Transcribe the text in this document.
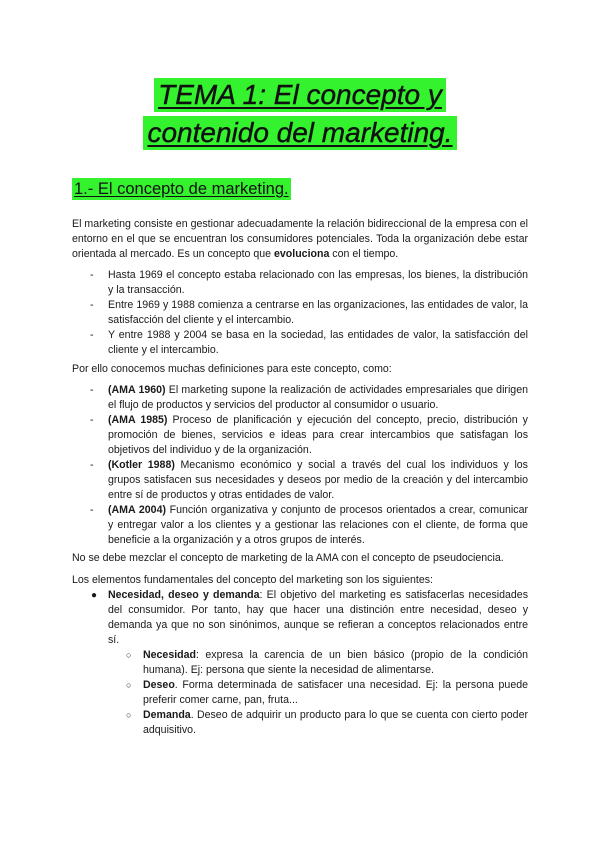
TEMA 1: El concepto y
contenido del marketing.
1.- El concepto de marketing.

El marketing consiste en gestionar adecuadamente la relación bidireccional de la empresa con el entorno en el que se encuentran los consumidores potenciales. Toda la organización debe estar orientada al mercado. Es un concepto que evoluciona con el tiempo.

- Hasta 1969 el concepto estaba relacionado con las empresas, los bienes, la distribución y la transacción.
- Entre 1969 y 1988 comienza a centrarse en las organizaciones, las entidades de valor, la satisfacción del cliente y el intercambio.
- Y entre 1988 y 2004 se basa en la sociedad, las entidades de valor, la satisfacción del cliente y el intercambio.

Por ello conocemos muchas definiciones para este concepto, como:

- (AMA 1960) El marketing supone la realización de actividades empresariales que dirigen el flujo de productos y servicios del productor al consumidor o usuario.
- (AMA 1985) Proceso de planificación y ejecución del concepto, precio, distribución y promoción de bienes, servicios e ideas para crear intercambios que satisfagan los objetivos del individuo y de la organización.
- (Kotler 1988) Mecanismo económico y social a través del cual los individuos y los grupos satisfacen sus necesidades y deseos por medio de la creación y del intercambio entre sí de productos y otras entidades de valor.
- (AMA 2004) Función organizativa y conjunto de procesos orientados a crear, comunicar y entregar valor a los clientes y a gestionar las relaciones con el cliente, de forma que beneficie a la organización y a otros grupos de interés.

No se debe mezclar el concepto de marketing de la AMA con el concepto de pseudociencia.

Los elementos fundamentales del concepto del marketing son los siguientes:

● Necesidad, deseo y demanda: El objetivo del marketing es satisfacerlas necesidades del consumidor. Por tanto, hay que hacer una distinción entre necesidad, deseo y demanda ya que no son sinónimos, aunque se refieran a conceptos relacionados entre sí.
○ Necesidad: expresa la carencia de un bien básico (propio de la condición humana). Ej: persona que siente la necesidad de alimentarse.
○ Deseo. Forma determinada de satisfacer una necesidad. Ej: la persona puede preferir comer carne, pan, fruta...
○ Demanda. Deseo de adquirir un producto para lo que se cuenta con cierto poder adquisitivo.
